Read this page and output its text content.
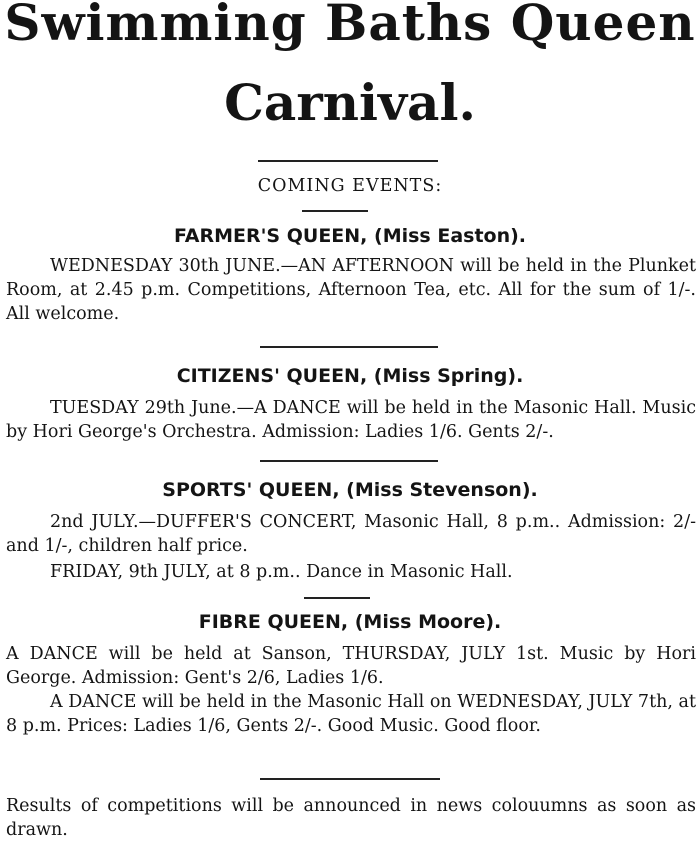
Swimming Baths Queen
Carnival.
COMING EVENTS:
FARMER'S QUEEN, (Miss Easton).

WEDNESDAY 30th JUNE.—AN AFTERNOON will be held in the Plunket Room, at 2.45 p.m. Competitions, Afternoon Tea, etc. All for the sum of 1/-. All welcome.

CITIZENS' QUEEN, (Miss Spring).

TUESDAY 29th June.—A DANCE will be held in the Masonic Hall. Music by Hori George's Orchestra. Admission: Ladies 1/6. Gents 2/-.

SPORTS' QUEEN, (Miss Stevenson).

2nd JULY.—DUFFER'S CONCERT, Masonic Hall, 8 p.m.. Admission: 2/- and 1/-, children half price.

FRIDAY, 9th JULY, at 8 p.m.. Dance in Masonic Hall.

FIBRE QUEEN, (Miss Moore).

A DANCE will be held at Sanson, THURSDAY, JULY 1st. Music by Hori George. Admission: Gent's 2/6, Ladies 1/6.

A DANCE will be held in the Masonic Hall on WEDNESDAY, JULY 7th, at 8 p.m. Prices: Ladies 1/6, Gents 2/-. Good Music. Good floor.

Results of competitions will be announced in news colouumns as soon as drawn.
